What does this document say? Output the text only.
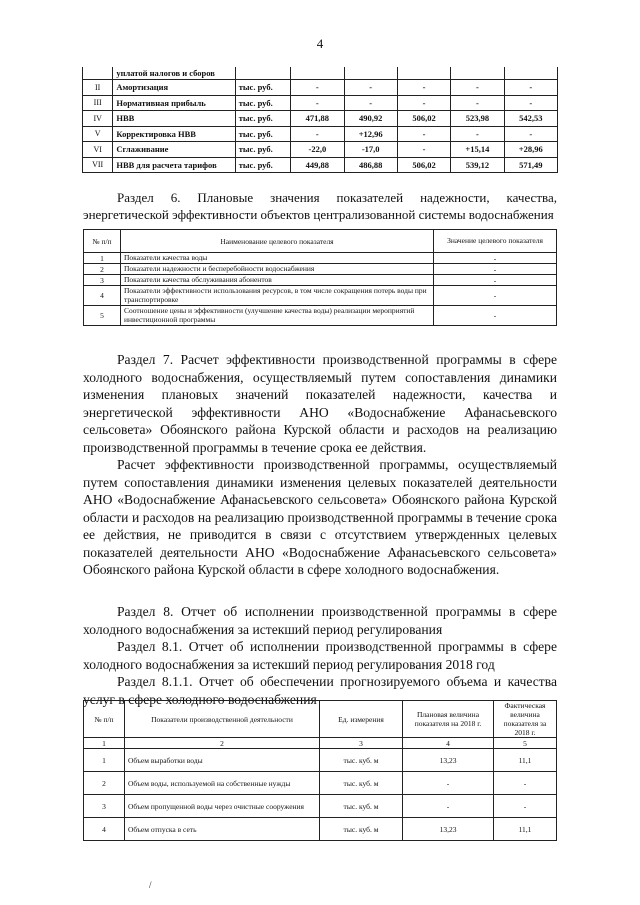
4
	уплатой налогов и сборов						
II	Амортизация	тыс. руб.	-	-	-	-	-
III	Нормативная прибыль	тыс. руб.	-	-	-	-	-
IV	НВВ	тыс. руб.	471,88	490,92	506,02	523,98	542,53
V	Корректировка НВВ	тыс. руб.	-	+12,96	-	-	-
VI	Сглаживание	тыс. руб.	-22,0	-17,0	-	+15,14	+28,96
VII	НВВ для расчета тарифов	тыс. руб.	449,88	486,88	506,02	539,12	571,49
Раздел 6. Плановые значения показателей надежности, качества, энергетической эффективности объектов централизованной системы водоснабжения
№ п/п	Наименование целевого показателя	Значение целевого показателя
1	Показатели качества воды	-
2	Показатели надежности и бесперебойности водоснабжения	-
3	Показатели качества обслуживания абонентов	-
4	Показатели эффективности использования ресурсов, в том числе сокращения потерь воды при транспортировке	-
5	Соотношение цены и эффективности (улучшение качества воды) реализации мероприятий инвестиционной программы	-
Раздел 7. Расчет эффективности производственной программы в сфере холодного водоснабжения, осуществляемый путем сопоставления динамики изменения плановых значений показателей надежности, качества и энергетической эффективности АНО «Водоснабжение Афанасьевского сельсовета» Обоянского района Курской области и расходов на реализацию производственной программы в течение срока ее действия.
Расчет эффективности производственной программы, осуществляемый путем сопоставления динамики изменения целевых показателей деятельности АНО «Водоснабжение Афанасьевского сельсовета» Обоянского района Курской области и расходов на реализацию производственной программы в течение срока ее действия, не приводится в связи с отсутствием утвержденных целевых показателей деятельности АНО «Водоснабжение Афанасьевского сельсовета» Обоянского района Курской области в сфере холодного водоснабжения.
Раздел 8. Отчет об исполнении производственной программы в сфере холодного водоснабжения за истекший период регулирования
Раздел 8.1. Отчет об исполнении производственной программы в сфере холодного водоснабжения за истекший период регулирования 2018 год
Раздел 8.1.1. Отчет об обеспечении прогнозируемого объема и качества услуг в сфере холодного водоснабжения
№ п/п	Показатели производственной деятельности	Ед. измерения	Плановая величина показателя на 2018 г.	Фактическая величина показателя за 2018 г.
1	2	3	4	5
1	Объем выработки воды	тыс. куб. м	13,23	11,1
2	Объем воды, используемой на собственные нужды	тыс. куб. м	-	-
3	Объем пропущенной воды через очистные сооружения	тыс. куб. м	-	-
4	Объем отпуска в сеть	тыс. куб. м	13,23	11,1
/
